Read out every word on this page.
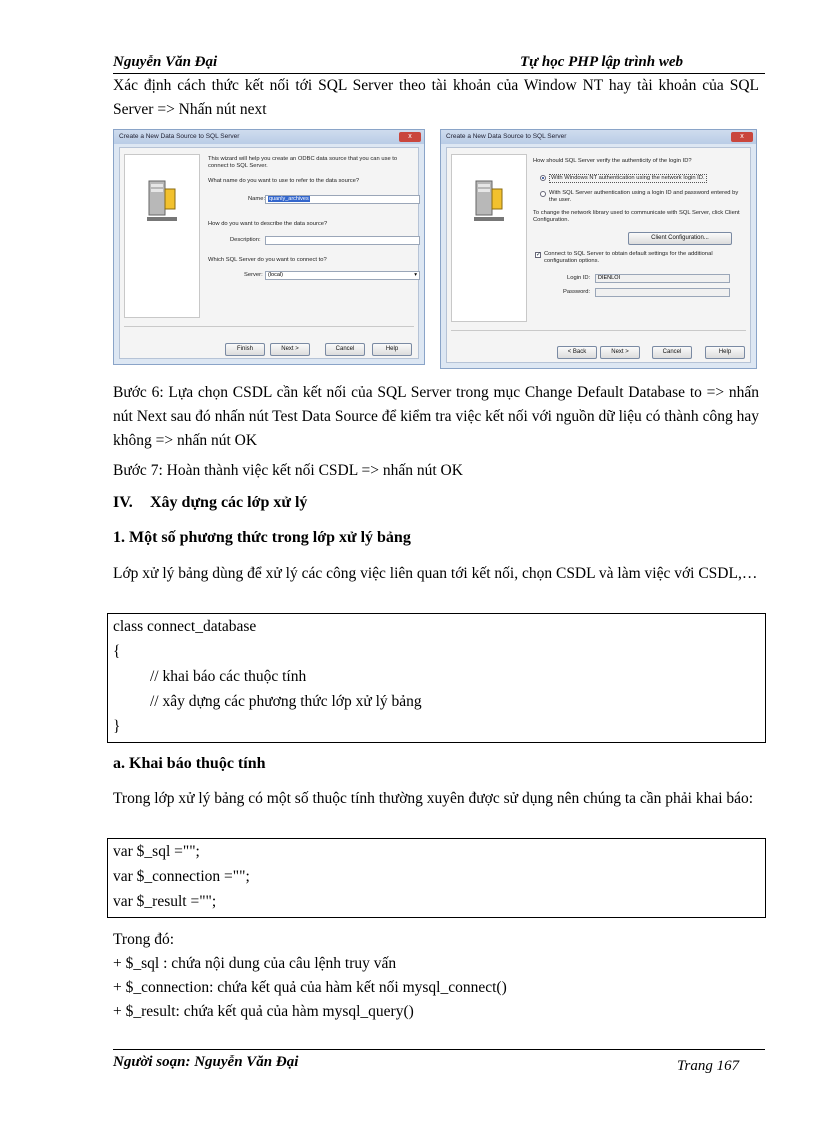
Nguyễn Văn Đại	Tự học PHP lập trình web
Xác định cách thức kết nối tới SQL Server theo tài khoản của Window NT hay tài khoản của SQL Server => Nhấn nút next
Create a New Data Source to SQL Server	x
This wizard will help you create an ODBC data source that you can use to connect to SQL Server.
What name do you want to use to refer to the data source?
Name: quanly_archives
How do you want to describe the data source?
Description:
Which SQL Server do you want to connect to?
Server: (local)	▾
Finish	Next >	Cancel	Help
Create a New Data Source to SQL Server	x
How should SQL Server verify the authenticity of the login ID?
With Windows NT authentication using the network login ID.
With SQL Server authentication using a login ID and password entered by the user.
To change the network library used to communicate with SQL Server, click Client Configuration.
Client Configuration...
✓ Connect to SQL Server to obtain default settings for the additional configuration options.
Login ID:	DIENLOI
Password:
< Back	Next >	Cancel	Help
Bước 6: Lựa chọn CSDL cần kết nối của SQL Server trong mục Change Default Database to => nhấn nút Next sau đó nhấn nút Test Data Source để kiểm tra việc kết nối với nguồn dữ liệu có thành công hay không => nhấn nút OK
Bước 7: Hoàn thành việc kết nối CSDL => nhấn nút OK
IV. Xây dựng các lớp xử lý
1. Một số phương thức trong lớp xử lý bảng
Lớp xử lý bảng dùng để xử lý các công việc liên quan tới kết nối, chọn CSDL và làm việc với CSDL,…
class connect_database
{
// khai báo các thuộc tính
// xây dựng các phương thức lớp xử lý bảng
}
a. Khai báo thuộc tính
Trong lớp xử lý bảng có một số thuộc tính thường xuyên được sử dụng nên chúng ta cần phải khai báo:
var $_sql ="";
var $_connection ="";
var $_result ="";
Trong đó:
+ $_sql : chứa nội dung của câu lệnh truy vấn
+ $_connection: chứa kết quả của hàm kết nối mysql_connect()
+ $_result: chứa kết quả của hàm mysql_query()
Người soạn: Nguyễn Văn Đại	Trang 167
